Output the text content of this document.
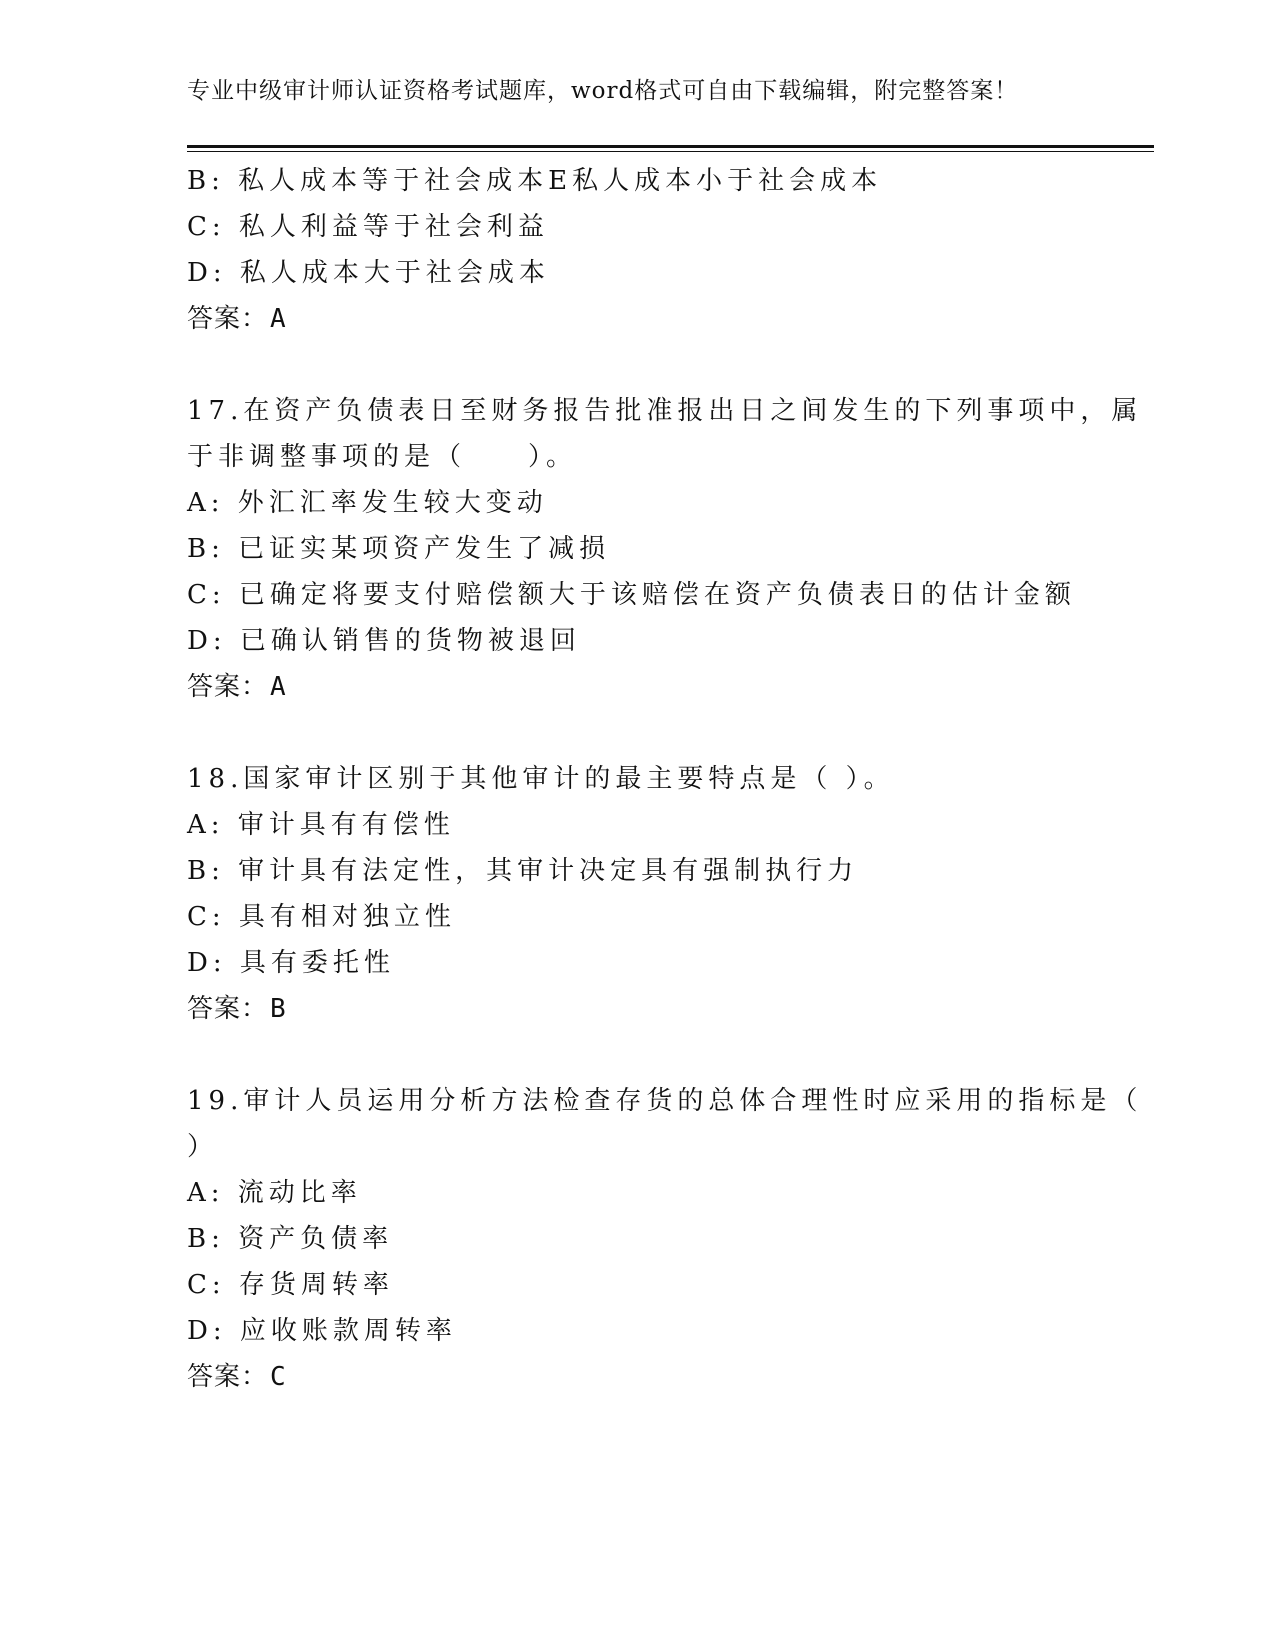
专业中级审计师认证资格考试题库，word格式可自由下载编辑，附完整答案！
B: 私人成本等于社会成本E私人成本小于社会成本
C: 私人利益等于社会利益
D: 私人成本大于社会成本
答案：A
17.在资产负债表日至财务报告批准报出日之间发生的下列事项中，属
于非调整事项的是（　　）。
A: 外汇汇率发生较大变动
B: 已证实某项资产发生了减损
C: 已确定将要支付赔偿额大于该赔偿在资产负债表日的估计金额
D: 已确认销售的货物被退回
答案：A
18.国家审计区别于其他审计的最主要特点是（ ）。
A: 审计具有有偿性
B: 审计具有法定性，其审计决定具有强制执行力
C: 具有相对独立性
D: 具有委托性
答案：B
19.审计人员运用分析方法检查存货的总体合理性时应采用的指标是（
）
A: 流动比率
B: 资产负债率
C: 存货周转率
D: 应收账款周转率
答案：C
